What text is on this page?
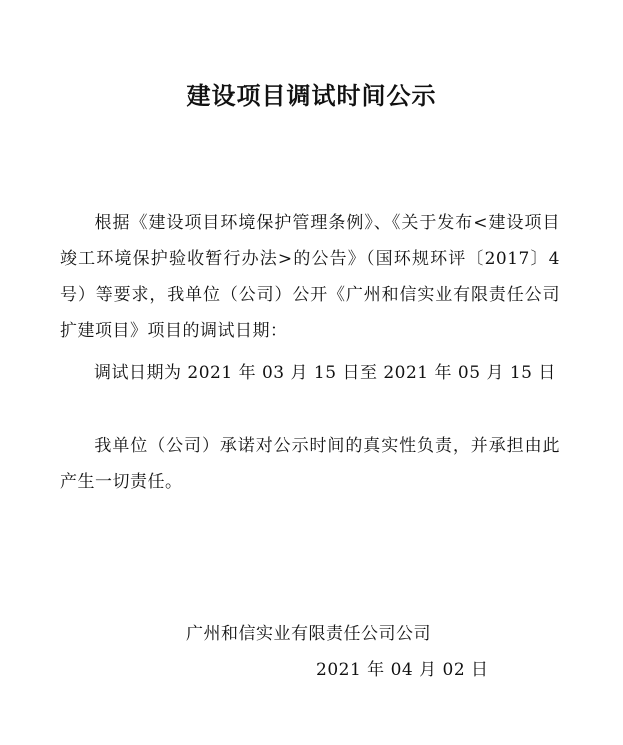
建设项目调试时间公示

根据《建设项目环境保护管理条例》、《关于发布<建设项目竣工环境保护验收暂行办法>的公告》（国环规环评〔2017〕4号）等要求，我单位（公司）公开《广州和信实业有限责任公司扩建项目》项目的调试日期：

调试日期为 2021 年 03 月 15 日至 2021 年 05 月 15 日

我单位（公司）承诺对公示时间的真实性负责，并承担由此产生一切责任。

广州和信实业有限责任公司公司
2021 年 04 月 02 日
